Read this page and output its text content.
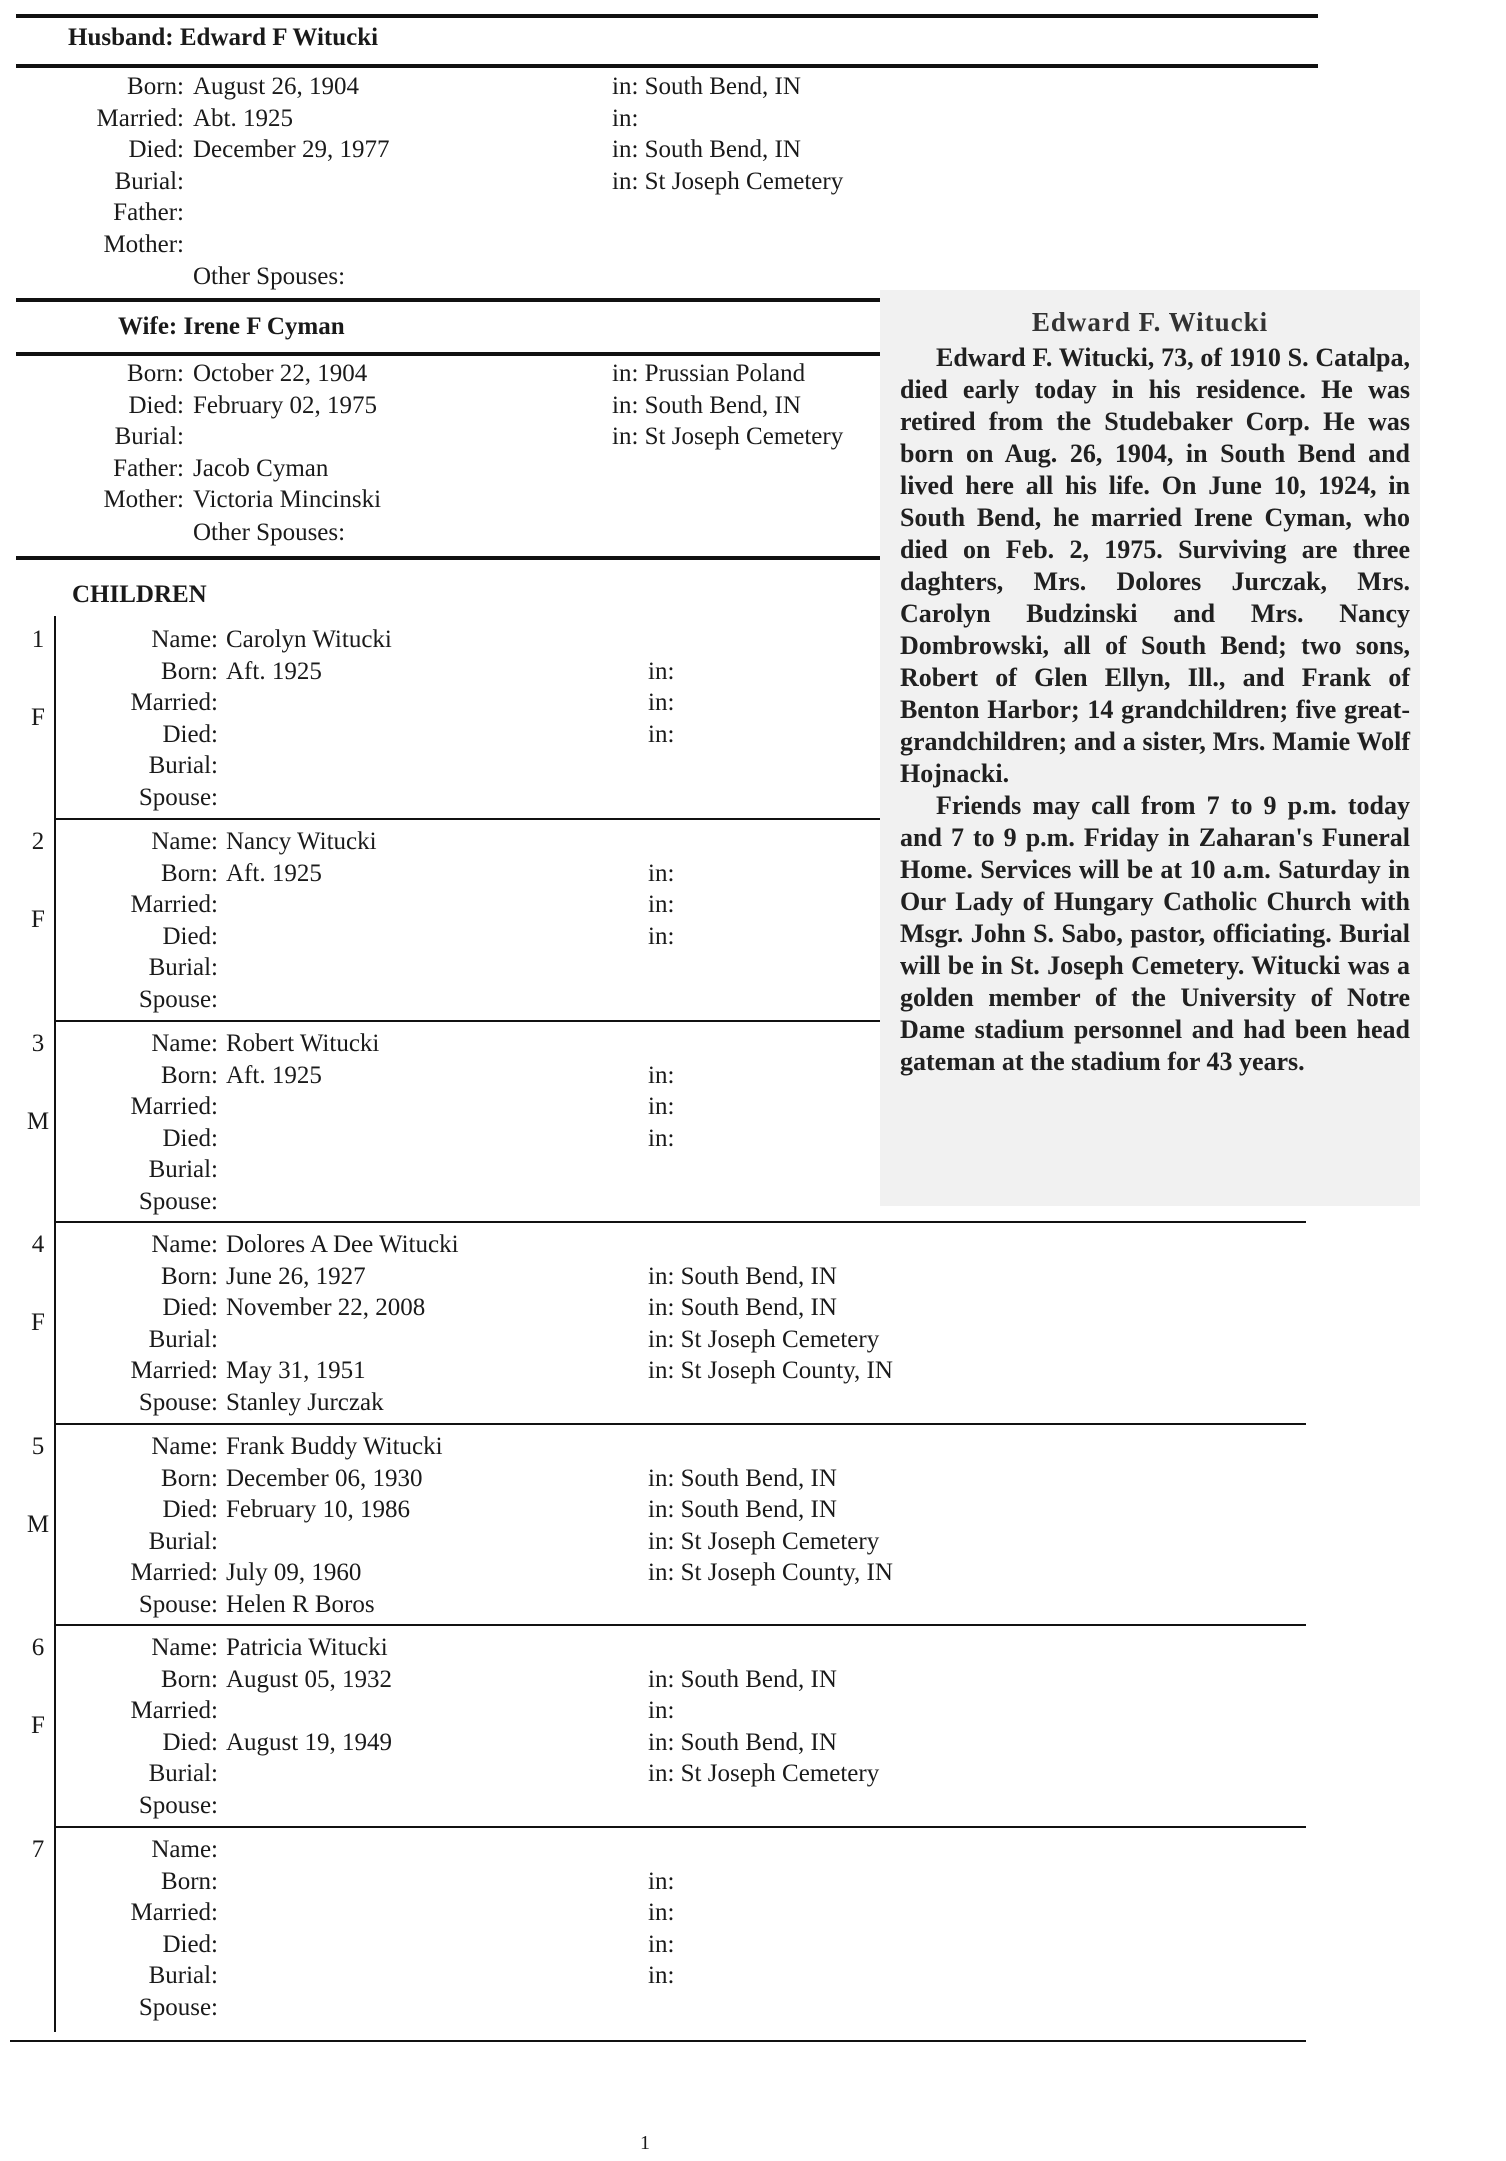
Husband: Edward F Witucki
Born: August 26, 1904	in: South Bend, IN
Married: Abt. 1925	in:
Died: December 29, 1977	in: South Bend, IN
Burial:	in: St Joseph Cemetery
Father:
Mother:
Other Spouses:
Wife: Irene F Cyman
Born: October 22, 1904	in: Prussian Poland
Died: February 02, 1975	in: South Bend, IN
Burial:	in: St Joseph Cemetery
Father: Jacob Cyman
Mother: Victoria Mincinski
Other Spouses:
CHILDREN
1
F
Name: Carolyn Witucki
Born: Aft. 1925	in:
Married:	in:
Died:	in:
Burial:
Spouse:
2
F
Name: Nancy Witucki
Born: Aft. 1925	in:
Married:	in:
Died:	in:
Burial:
Spouse:
3
M
Name: Robert Witucki
Born: Aft. 1925	in:
Married:	in:
Died:	in:
Burial:
Spouse:
4
F
Name: Dolores A Dee Witucki
Born: June 26, 1927	in: South Bend, IN
Died: November 22, 2008	in: South Bend, IN
Burial:	in: St Joseph Cemetery
Married: May 31, 1951	in: St Joseph County, IN
Spouse: Stanley Jurczak
5
M
Name: Frank Buddy Witucki
Born: December 06, 1930	in: South Bend, IN
Died: February 10, 1986	in: South Bend, IN
Burial:	in: St Joseph Cemetery
Married: July 09, 1960	in: St Joseph County, IN
Spouse: Helen R Boros
6
F
Name: Patricia Witucki
Born: August 05, 1932	in: South Bend, IN
Married:	in:
Died: August 19, 1949	in: South Bend, IN
Burial:	in: St Joseph Cemetery
Spouse:
7	Name:
Born:	in:
Married:	in:
Died:	in:
Burial:	in:
Spouse:
Edward F. Witucki

Edward F. Witucki, 73, of 1910 S. Catalpa, died early today in his residence. He was retired from the Studebaker Corp. He was born on Aug. 26, 1904, in South Bend and lived here all his life. On June 10, 1924, in South Bend, he married Irene Cyman, who died on Feb. 2, 1975. Surviving are three daghters, Mrs. Dolores Jurczak, Mrs. Carolyn Budzinski and Mrs. Nancy Dombrowski, all of South Bend; two sons, Robert of Glen Ellyn, Ill., and Frank of Benton Harbor; 14 grandchildren; five great-grandchildren; and a sister, Mrs. Mamie Wolf Hojnacki.

Friends may call from 7 to 9 p.m. today and 7 to 9 p.m. Friday in Zaharan's Funeral Home. Services will be at 10 a.m. Saturday in Our Lady of Hungary Catholic Church with Msgr. John S. Sabo, pastor, officiating. Burial will be in St. Joseph Cemetery. Witucki was a golden member of the University of Notre Dame stadium personnel and had been head gateman at the stadium for 43 years.

1
